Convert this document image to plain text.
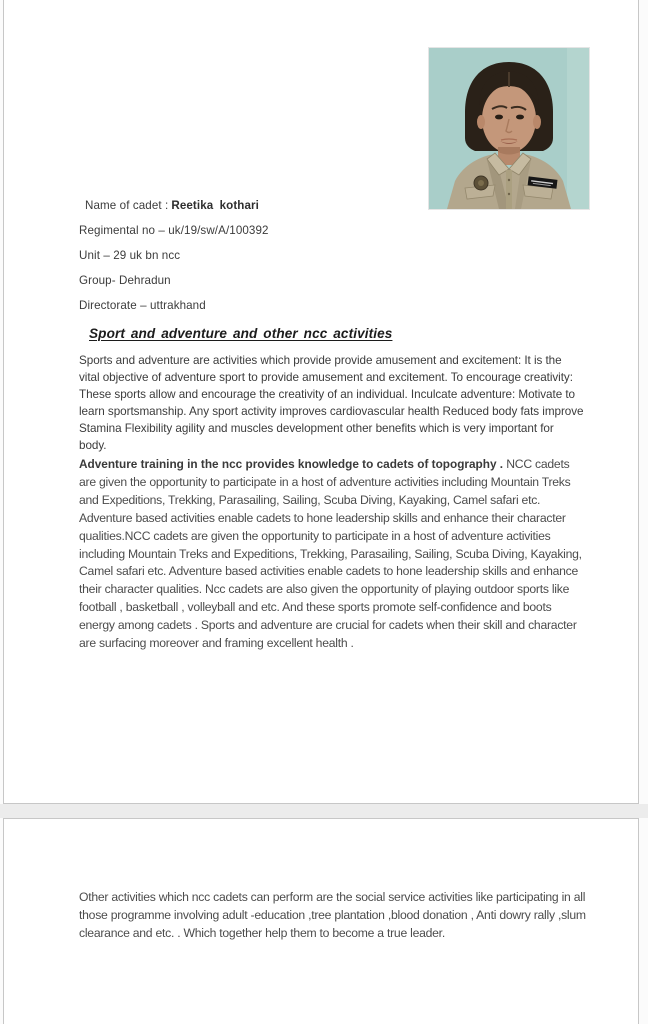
Name of cadet : Reetika kothari

Regimental no – uk/19/sw/A/100392

Unit – 29 uk bn ncc

Group- Dehradun

Directorate – uttrakhand

Sport and adventure and other ncc activities

Sports and adventure are activities which provide provide amusement and excitement: It is the vital objective of adventure sport to provide amusement and excitement. To encourage creativity: These sports allow and encourage the creativity of an individual. Inculcate adventure: Motivate to learn sportsmanship. Any sport activity improves cardiovascular health Reduced body fats improve Stamina Flexibility agility and muscles development other benefits which is very important for body.

Adventure training in the ncc provides knowledge to cadets of topography . NCC cadets are given the opportunity to participate in a host of adventure activities including Mountain Treks and Expeditions, Trekking, Parasailing, Sailing, Scuba Diving, Kayaking, Camel safari etc. Adventure based activities enable cadets to hone leadership skills and enhance their character qualities.NCC cadets are given the opportunity to participate in a host of adventure activities including Mountain Treks and Expeditions, Trekking, Parasailing, Sailing, Scuba Diving, Kayaking, Camel safari etc. Adventure based activities enable cadets to hone leadership skills and enhance their character qualities. Ncc cadets are also given the opportunity of playing outdoor sports like football , basketball , volleyball and etc. And these sports promote self-confidence and boots energy among cadets . Sports and adventure are crucial for cadets when their skill and character are surfacing moreover and framing excellent health .

Other activities which ncc cadets can perform are the social service activities like participating in all those programme involving adult -education ,tree plantation ,blood donation , Anti dowry rally ,slum clearance and etc. . Which together help them to become a true leader.
